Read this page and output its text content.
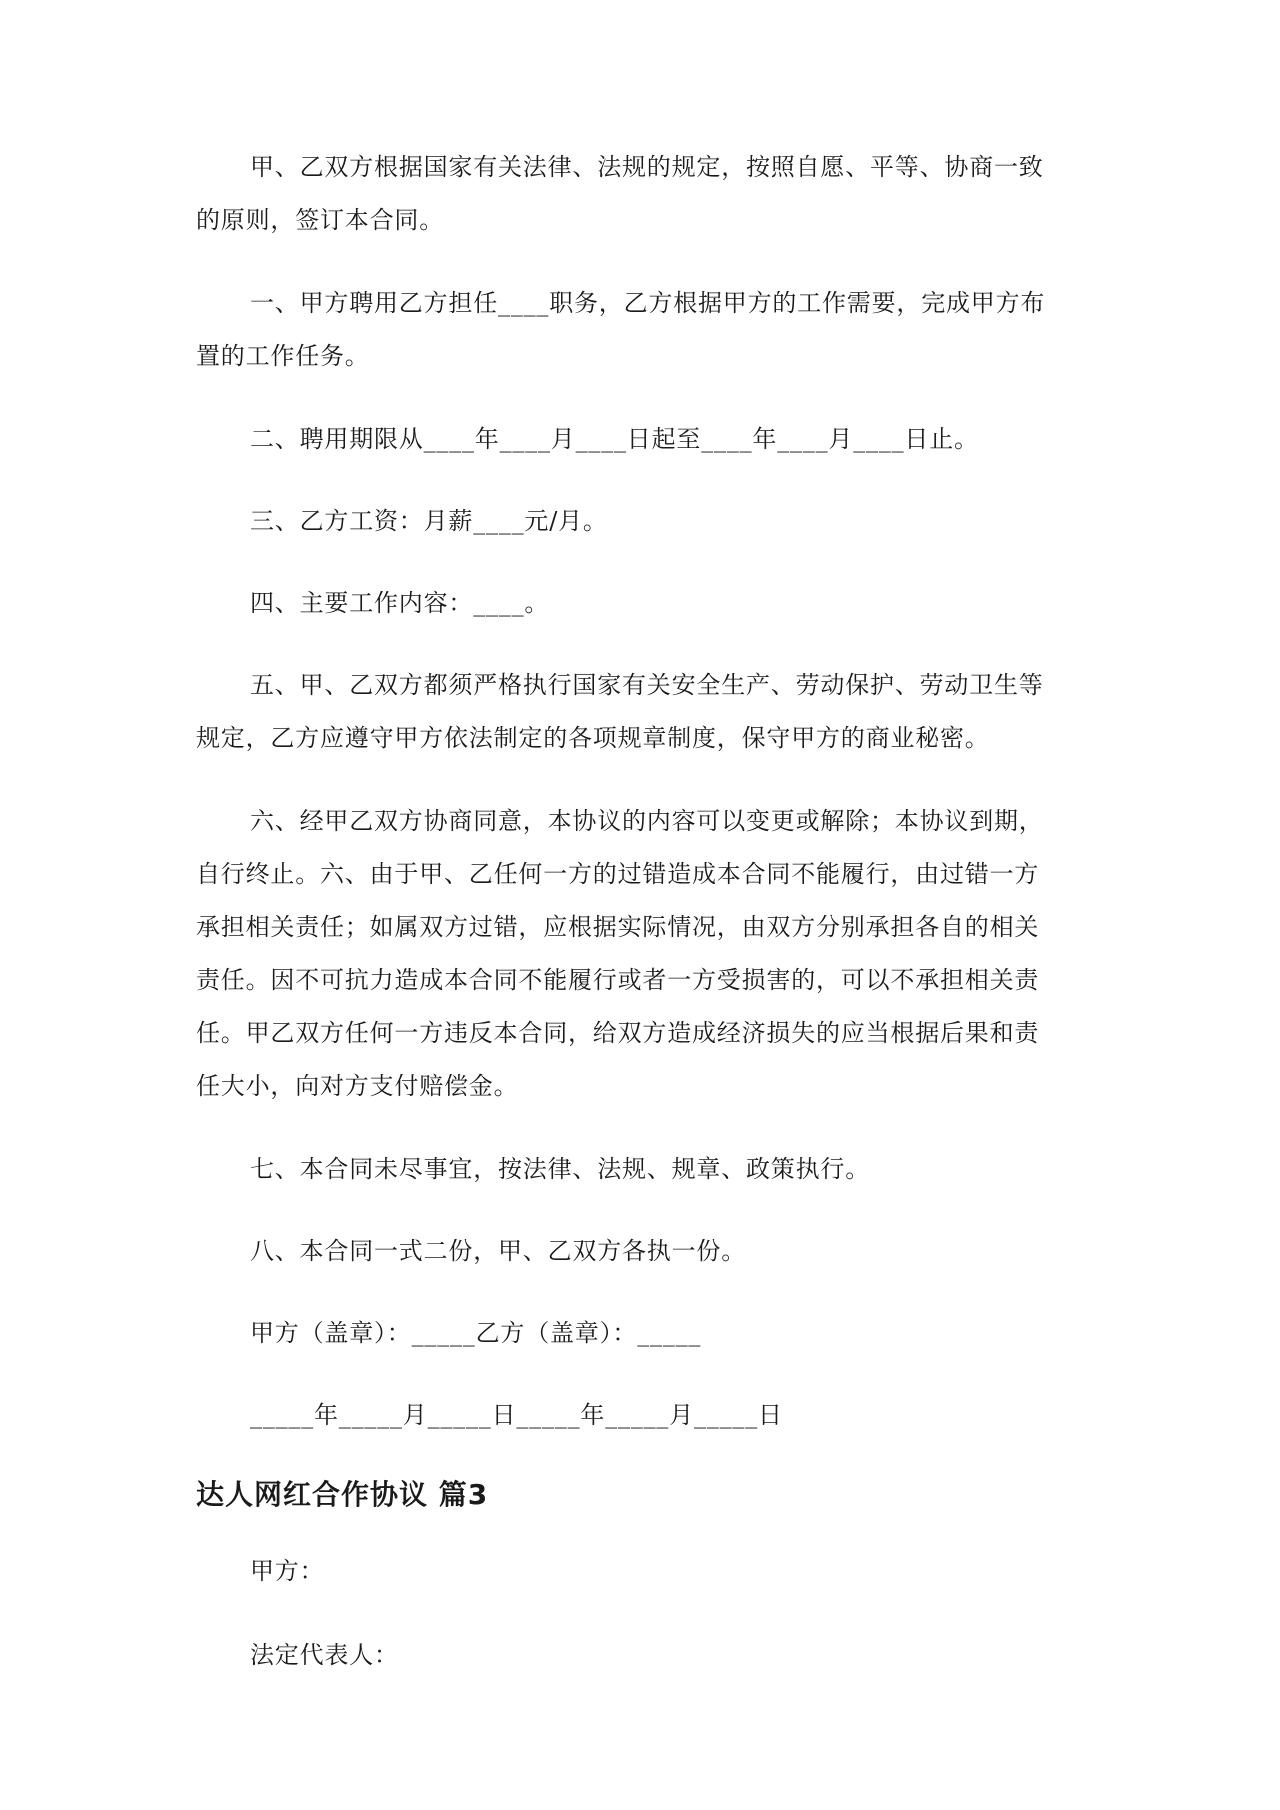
甲、乙双方根据国家有关法律、法规的规定，按照自愿、平等、协商一致
的原则，签订本合同。
一、甲方聘用乙方担任____职务，乙方根据甲方的工作需要，完成甲方布
置的工作任务。
二、聘用期限从____年____月____日起至____年____月____日止。
三、乙方工资：月薪____元/月。
四、主要工作内容：____。
五、甲、乙双方都须严格执行国家有关安全生产、劳动保护、劳动卫生等
规定，乙方应遵守甲方依法制定的各项规章制度，保守甲方的商业秘密。
六、经甲乙双方协商同意，本协议的内容可以变更或解除；本协议到期，
自行终止。六、由于甲、乙任何一方的过错造成本合同不能履行，由过错一方
承担相关责任；如属双方过错，应根据实际情况，由双方分别承担各自的相关
责任。因不可抗力造成本合同不能履行或者一方受损害的，可以不承担相关责
任。甲乙双方任何一方违反本合同，给双方造成经济损失的应当根据后果和责
任大小，向对方支付赔偿金。
七、本合同未尽事宜，按法律、法规、规章、政策执行。
八、本合同一式二份，甲、乙双方各执一份。
甲方（盖章）：_____乙方（盖章）：_____
_____年_____月_____日_____年_____月_____日
达人网红合作协议 篇3
甲方：
法定代表人：
